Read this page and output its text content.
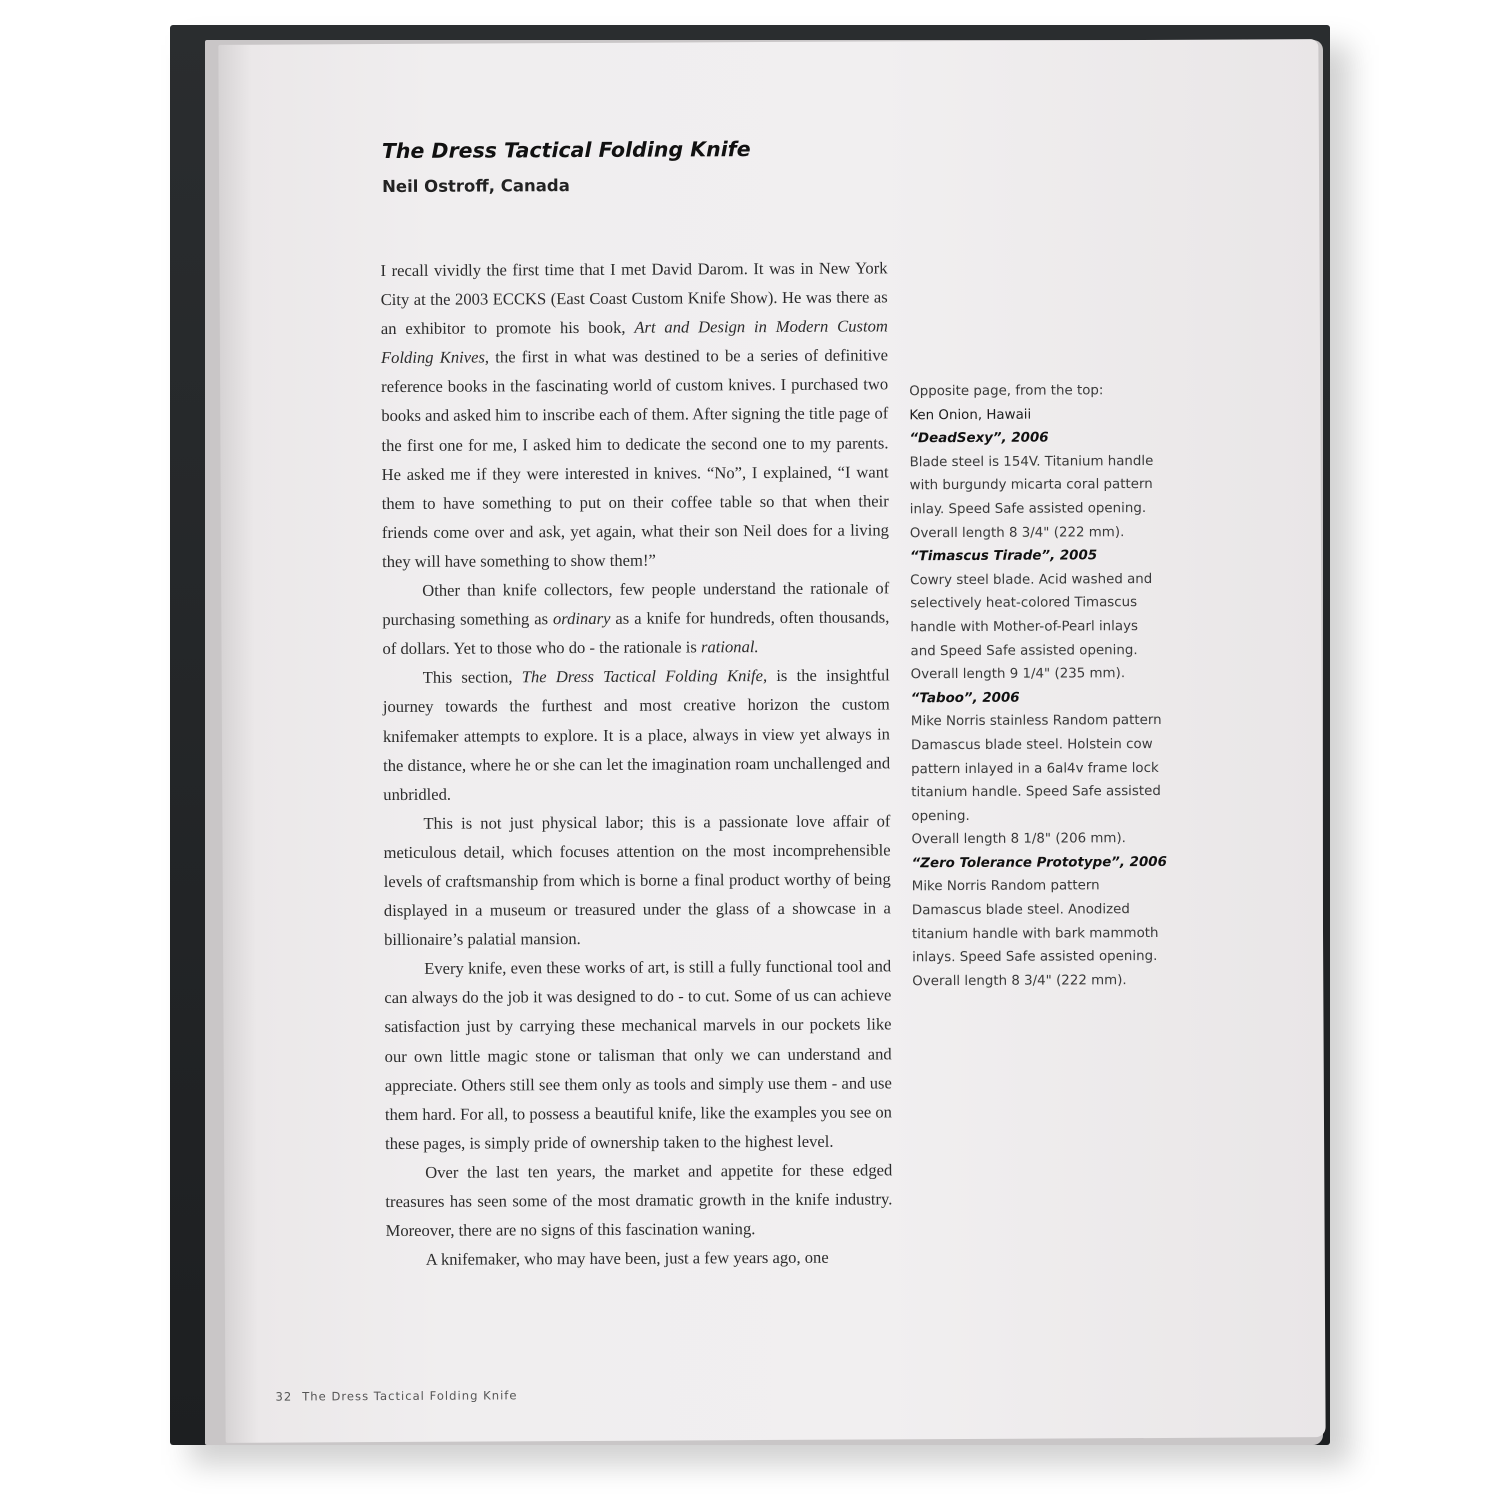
The Dress Tactical Folding Knife
Neil Ostroff, Canada

I recall vividly the first time that I met David Darom. It was in New York City at the 2003 ECCKS (East Coast Custom Knife Show). He was there as an exhibitor to promote his book, Art and Design in Modern Custom Folding Knives, the first in what was destined to be a series of definitive reference books in the fascinating world of custom knives. I purchased two books and asked him to inscribe each of them. After signing the title page of the first one for me, I asked him to dedicate the second one to my parents. He asked me if they were interested in knives. “No”, I explained, “I want them to have something to put on their coffee table so that when their friends come over and ask, yet again, what their son Neil does for a living they will have something to show them!”

Other than knife collectors, few people understand the rationale of purchasing something as ordinary as a knife for hundreds, often thousands, of dollars. Yet to those who do - the rationale is rational.

This section, The Dress Tactical Folding Knife, is the insightful journey towards the furthest and most creative horizon the custom knifemaker attempts to explore. It is a place, always in view yet always in the distance, where he or she can let the imagination roam unchallenged and unbridled.

This is not just physical labor; this is a passionate love affair of meticulous detail, which focuses attention on the most incomprehensible levels of craftsmanship from which is borne a final product worthy of being displayed in a museum or treasured under the glass of a showcase in a billionaire’s palatial mansion.

Every knife, even these works of art, is still a fully functional tool and can always do the job it was designed to do - to cut. Some of us can achieve satisfaction just by carrying these mechanical marvels in our pockets like our own little magic stone or talisman that only we can understand and appreciate. Others still see them only as tools and simply use them - and use them hard. For all, to possess a beautiful knife, like the examples you see on these pages, is simply pride of ownership taken to the highest level.

Over the last ten years, the market and appetite for these edged treasures has seen some of the most dramatic growth in the knife industry. Moreover, there are no signs of this fascination waning.

A knifemaker, who may have been, just a few years ago, one

Opposite page, from the top:
Ken Onion, Hawaii
“DeadSexy”, 2006
Blade steel is 154V. Titanium handle
with burgundy micarta coral pattern
inlay. Speed Safe assisted opening.
Overall length 8 3/4" (222 mm).
“Timascus Tirade”, 2005
Cowry steel blade. Acid washed and
selectively heat-colored Timascus
handle with Mother-of-Pearl inlays
and Speed Safe assisted opening.
Overall length 9 1/4" (235 mm).
“Taboo”, 2006
Mike Norris stainless Random pattern
Damascus blade steel. Holstein cow
pattern inlayed in a 6al4v frame lock
titanium handle. Speed Safe assisted
opening.
Overall length 8 1/8" (206 mm).
“Zero Tolerance Prototype”, 2006
Mike Norris Random pattern
Damascus blade steel. Anodized
titanium handle with bark mammoth
inlays. Speed Safe assisted opening.
Overall length 8 3/4" (222 mm).
32 The Dress Tactical Folding Knife
